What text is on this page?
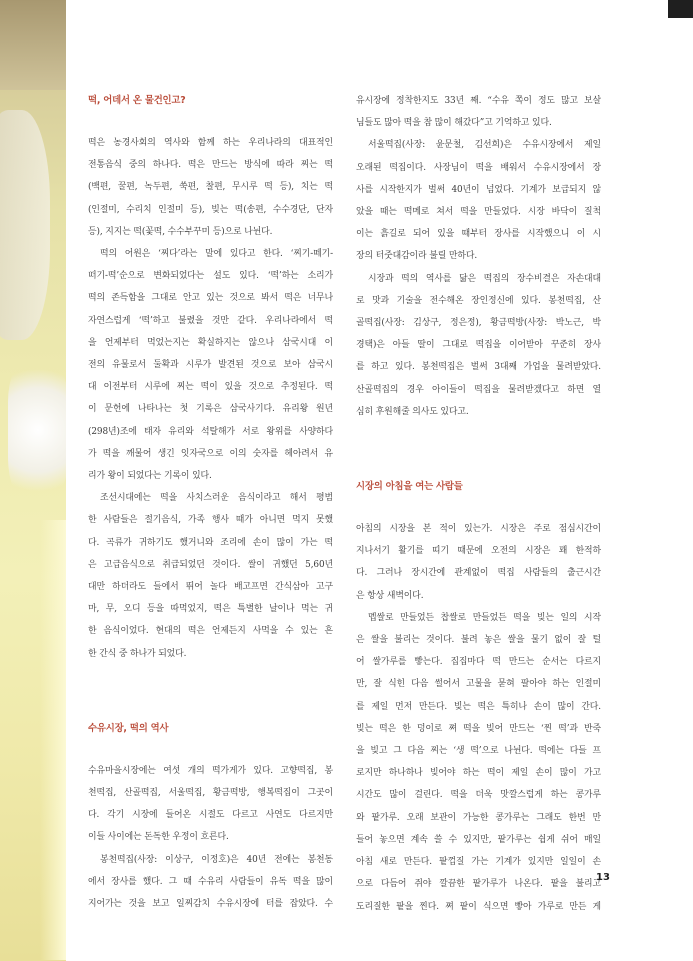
떡, 어데서 온 물건인고?
떡은 농경사회의 역사와 함께 하는 우리나라의 대표적인
전통음식 중의 하나다. 떡은 만드는 방식에 따라 찌는 떡
(백편, 꿀편, 녹두편, 쑥편, 찰편, 무시루 떡 등), 치는 떡
(인절미, 수리치 인절미 등), 빚는 떡(송편, 수수경단, 단자
등), 지지는 떡(꽃떡, 수수부꾸미 등)으로 나뉜다.
떡의 어원은 ‘찌다’라는 말에 있다고 한다. ‘찌기-떼기-
떠기-떡’순으로 변화되었다는 설도 있다. ‘떡’하는 소리가
떡의 존득함을 그대로 안고 있는 것으로 봐서 떡은 너무나
자연스럽게 ‘떡’하고 불렸을 것만 같다. 우리나라에서 떡
을 언제부터 먹었는지는 확실하지는 않으나 삼국시대 이
전의 유물로서 둘확과 시루가 발견된 것으로 보아 삼국시
대 이전부터 시루에 찌는 떡이 있을 것으로 추정된다. 떡
이 문헌에 나타나는 첫 기록은 삼국사기다. 유리왕 원년
(298년)조에 태자 유리와 석탈해가 서로 왕위를 사양하다
가 떡을 깨물어 생긴 잇자국으로 이의 숫자를 헤아려서 유
리가 왕이 되었다는 기록이 있다.
조선시대에는 떡을 사치스러운 음식이라고 해서 평범
한 사람들은 절기음식, 가족 행사 때가 아니면 먹지 못했
다. 곡류가 귀하기도 했거니와 조리에 손이 많이 가는 떡
은 고급음식으로 취급되었던 것이다. 쌀이 귀했던 5,60년
대만 하더라도 들에서 뛰어 놀다 배고프면 간식삼아 고구
마, 무, 오디 등을 따먹었지, 떡은 특별한 날이나 먹는 귀
한 음식이었다. 현대의 떡은 언제든지 사먹을 수 있는 흔
한 간식 중 하나가 되었다.
수유시장, 떡의 역사
수유마을시장에는 여섯 개의 떡가게가 있다. 고향떡집, 봉
천떡집, 산골떡집, 서울떡집, 황금떡방, 행복떡집이 그곳이
다. 각기 시장에 들어온 시절도 다르고 사연도 다르지만
이들 사이에는 돈독한 우정이 흐른다.
봉천떡집(사장: 이상구, 이정호)은 40년 전에는 봉천동
에서 장사를 했다. 그 때 수유리 사람들이 유독 떡을 많이
지어가는 것을 보고 일찌감치 수유시장에 터를 잡았다. 수
유시장에 정착한지도 33년 째. “수유 쪽이 정도 많고 보살
님들도 많아 떡을 참 많이 해갔다”고 기억하고 있다.
서울떡집(사장: 윤문철, 김선희)은 수유시장에서 제일
오래된 떡집이다. 사장님이 떡을 배워서 수유시장에서 장
사를 시작한지가 벌써 40년이 넘었다. 기계가 보급되지 않
았을 때는 떡메로 쳐서 떡을 만들었다. 시장 바닥이 질척
이는 흙길로 되어 있을 때부터 장사를 시작했으니 이 시
장의 터줏대감이라 불릴 만하다.
시장과 떡의 역사를 닮은 떡집의 장수비결은 자손대대
로 맛과 기술을 전수해온 장인정신에 있다. 봉천떡집, 산
골떡집(사장: 김상구, 정은정), 황금떡방(사장: 박노근, 박
경택)은 아들 딸이 그대로 떡집을 이어받아 꾸준히 장사
를 하고 있다. 봉천떡집은 벌써 3대째 가업을 물려받았다.
산골떡집의 경우 아이들이 떡집을 물려받겠다고 하면 열
심히 후원해줄 의사도 있다고.
시장의 아침을 여는 사람들
아침의 시장을 본 적이 있는가. 시장은 주로 점심시간이
지나서기 활기를 띠기 때문에 오전의 시장은 꽤 한적하
다. 그러나 장시간에 관계없이 떡집 사람들의 출근시간
은 항상 새벽이다.
멥쌀로 만들었든 찹쌀로 만들었든 떡을 빚는 일의 시작
은 쌀을 불리는 것이다. 불려 놓은 쌀을 물기 없이 잘 털
어 쌀가루를 빻는다. 집집마다 떡 만드는 순서는 다르지
만, 잘 식힌 다음 썰어서 고물을 묻혀 팔아야 하는 인절미
를 제일 먼저 만든다. 빚는 떡은 특히나 손이 많이 간다.
빚는 떡은 한 덩이로 쪄 떡을 빚어 만드는 ‘찐 떡’과 반죽
을 빚고 그 다음 찌는 ‘생 떡’으로 나뉜다. 떡에는 다들 프
로지만 하나하나 빚어야 하는 떡이 제일 손이 많이 가고
시간도 많이 걸린다. 떡을 더욱 맛깔스럽게 하는 콩가루
와 팥가루. 오래 보관이 가능한 콩가루는 그래도 한번 만
들어 놓으면 계속 쓸 수 있지만, 팥가루는 쉽게 쉬어 매일
아침 새로 만든다. 팥껍질 가는 기계가 있지만 일일이 손
으로 다듬어 쥐야 깔끔한 팥가루가 나온다. 팥을 불리고
도리질한 팥을 찐다. 쪄 팥이 식으면 빻아 가루로 만든 게
13
